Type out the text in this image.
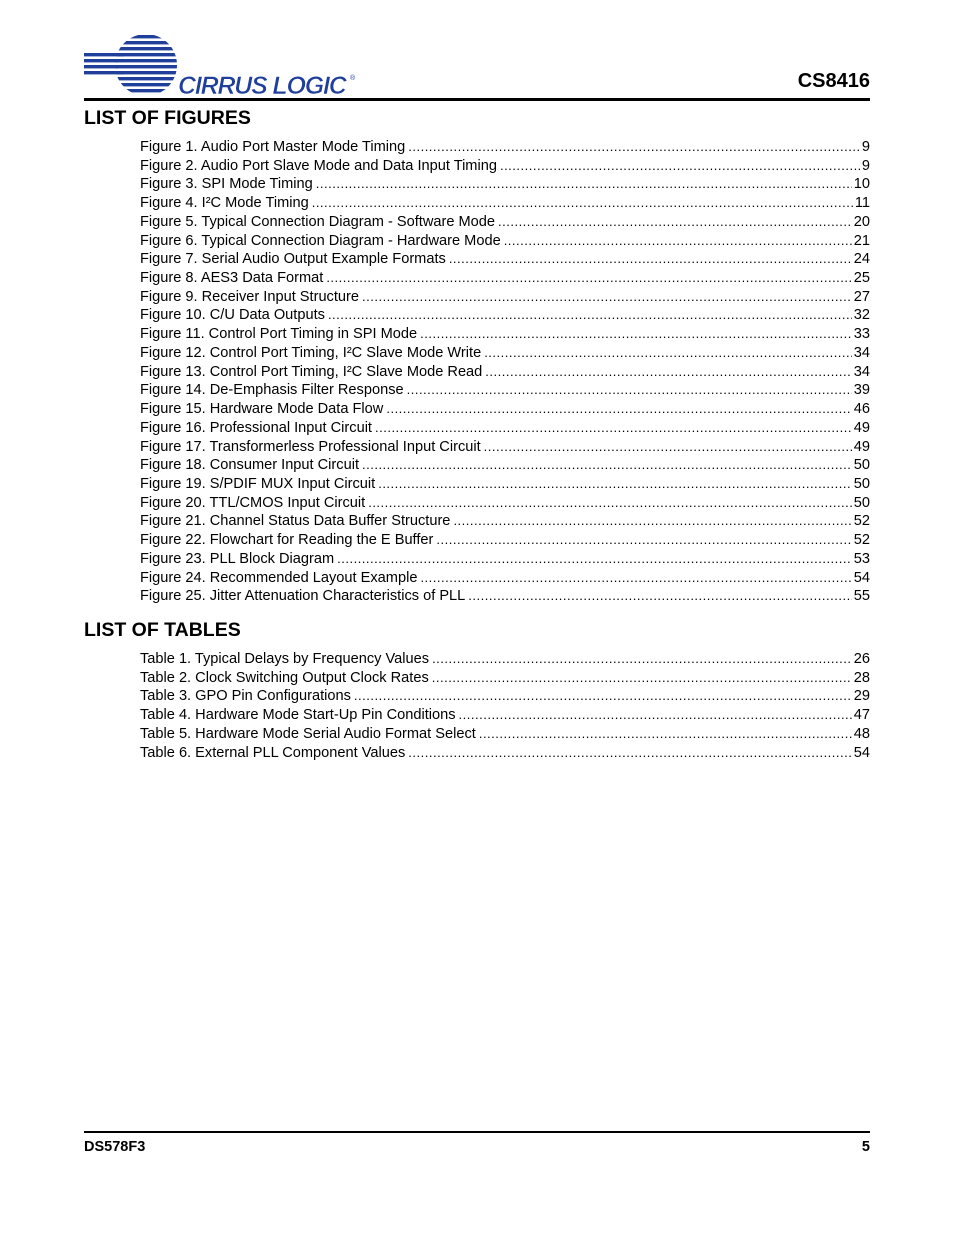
CIRRUS LOGIC ®	CS8416
LIST OF FIGURES
Figure 1. Audio Port Master Mode Timing .....	9
Figure 2. Audio Port Slave Mode and Data Input Timing .....	9
Figure 3. SPI Mode Timing .....	10
Figure 4. I²C Mode Timing .....	11
Figure 5. Typical Connection Diagram - Software Mode .....	20
Figure 6. Typical Connection Diagram - Hardware Mode .....	21
Figure 7. Serial Audio Output Example Formats .....	24
Figure 8. AES3 Data Format .....	25
Figure 9. Receiver Input Structure .....	27
Figure 10. C/U Data Outputs .....	32
Figure 11. Control Port Timing in SPI Mode .....	33
Figure 12. Control Port Timing, I²C Slave Mode Write .....	34
Figure 13. Control Port Timing, I²C Slave Mode Read .....	34
Figure 14. De-Emphasis Filter Response .....	39
Figure 15. Hardware Mode Data Flow .....	46
Figure 16. Professional Input Circuit .....	49
Figure 17. Transformerless Professional Input Circuit .....	49
Figure 18. Consumer Input Circuit .....	50
Figure 19. S/PDIF MUX Input Circuit .....	50
Figure 20. TTL/CMOS Input Circuit .....	50
Figure 21. Channel Status Data Buffer Structure .....	52
Figure 22. Flowchart for Reading the E Buffer .....	52
Figure 23. PLL Block Diagram .....	53
Figure 24. Recommended Layout Example .....	54
Figure 25. Jitter Attenuation Characteristics of PLL .....	55
LIST OF TABLES
Table 1. Typical Delays by Frequency Values .....	26
Table 2. Clock Switching Output Clock Rates .....	28
Table 3. GPO Pin Configurations .....	29
Table 4. Hardware Mode Start-Up Pin Conditions .....	47
Table 5. Hardware Mode Serial Audio Format Select .....	48
Table 6. External PLL Component Values .....	54
DS578F3	5
